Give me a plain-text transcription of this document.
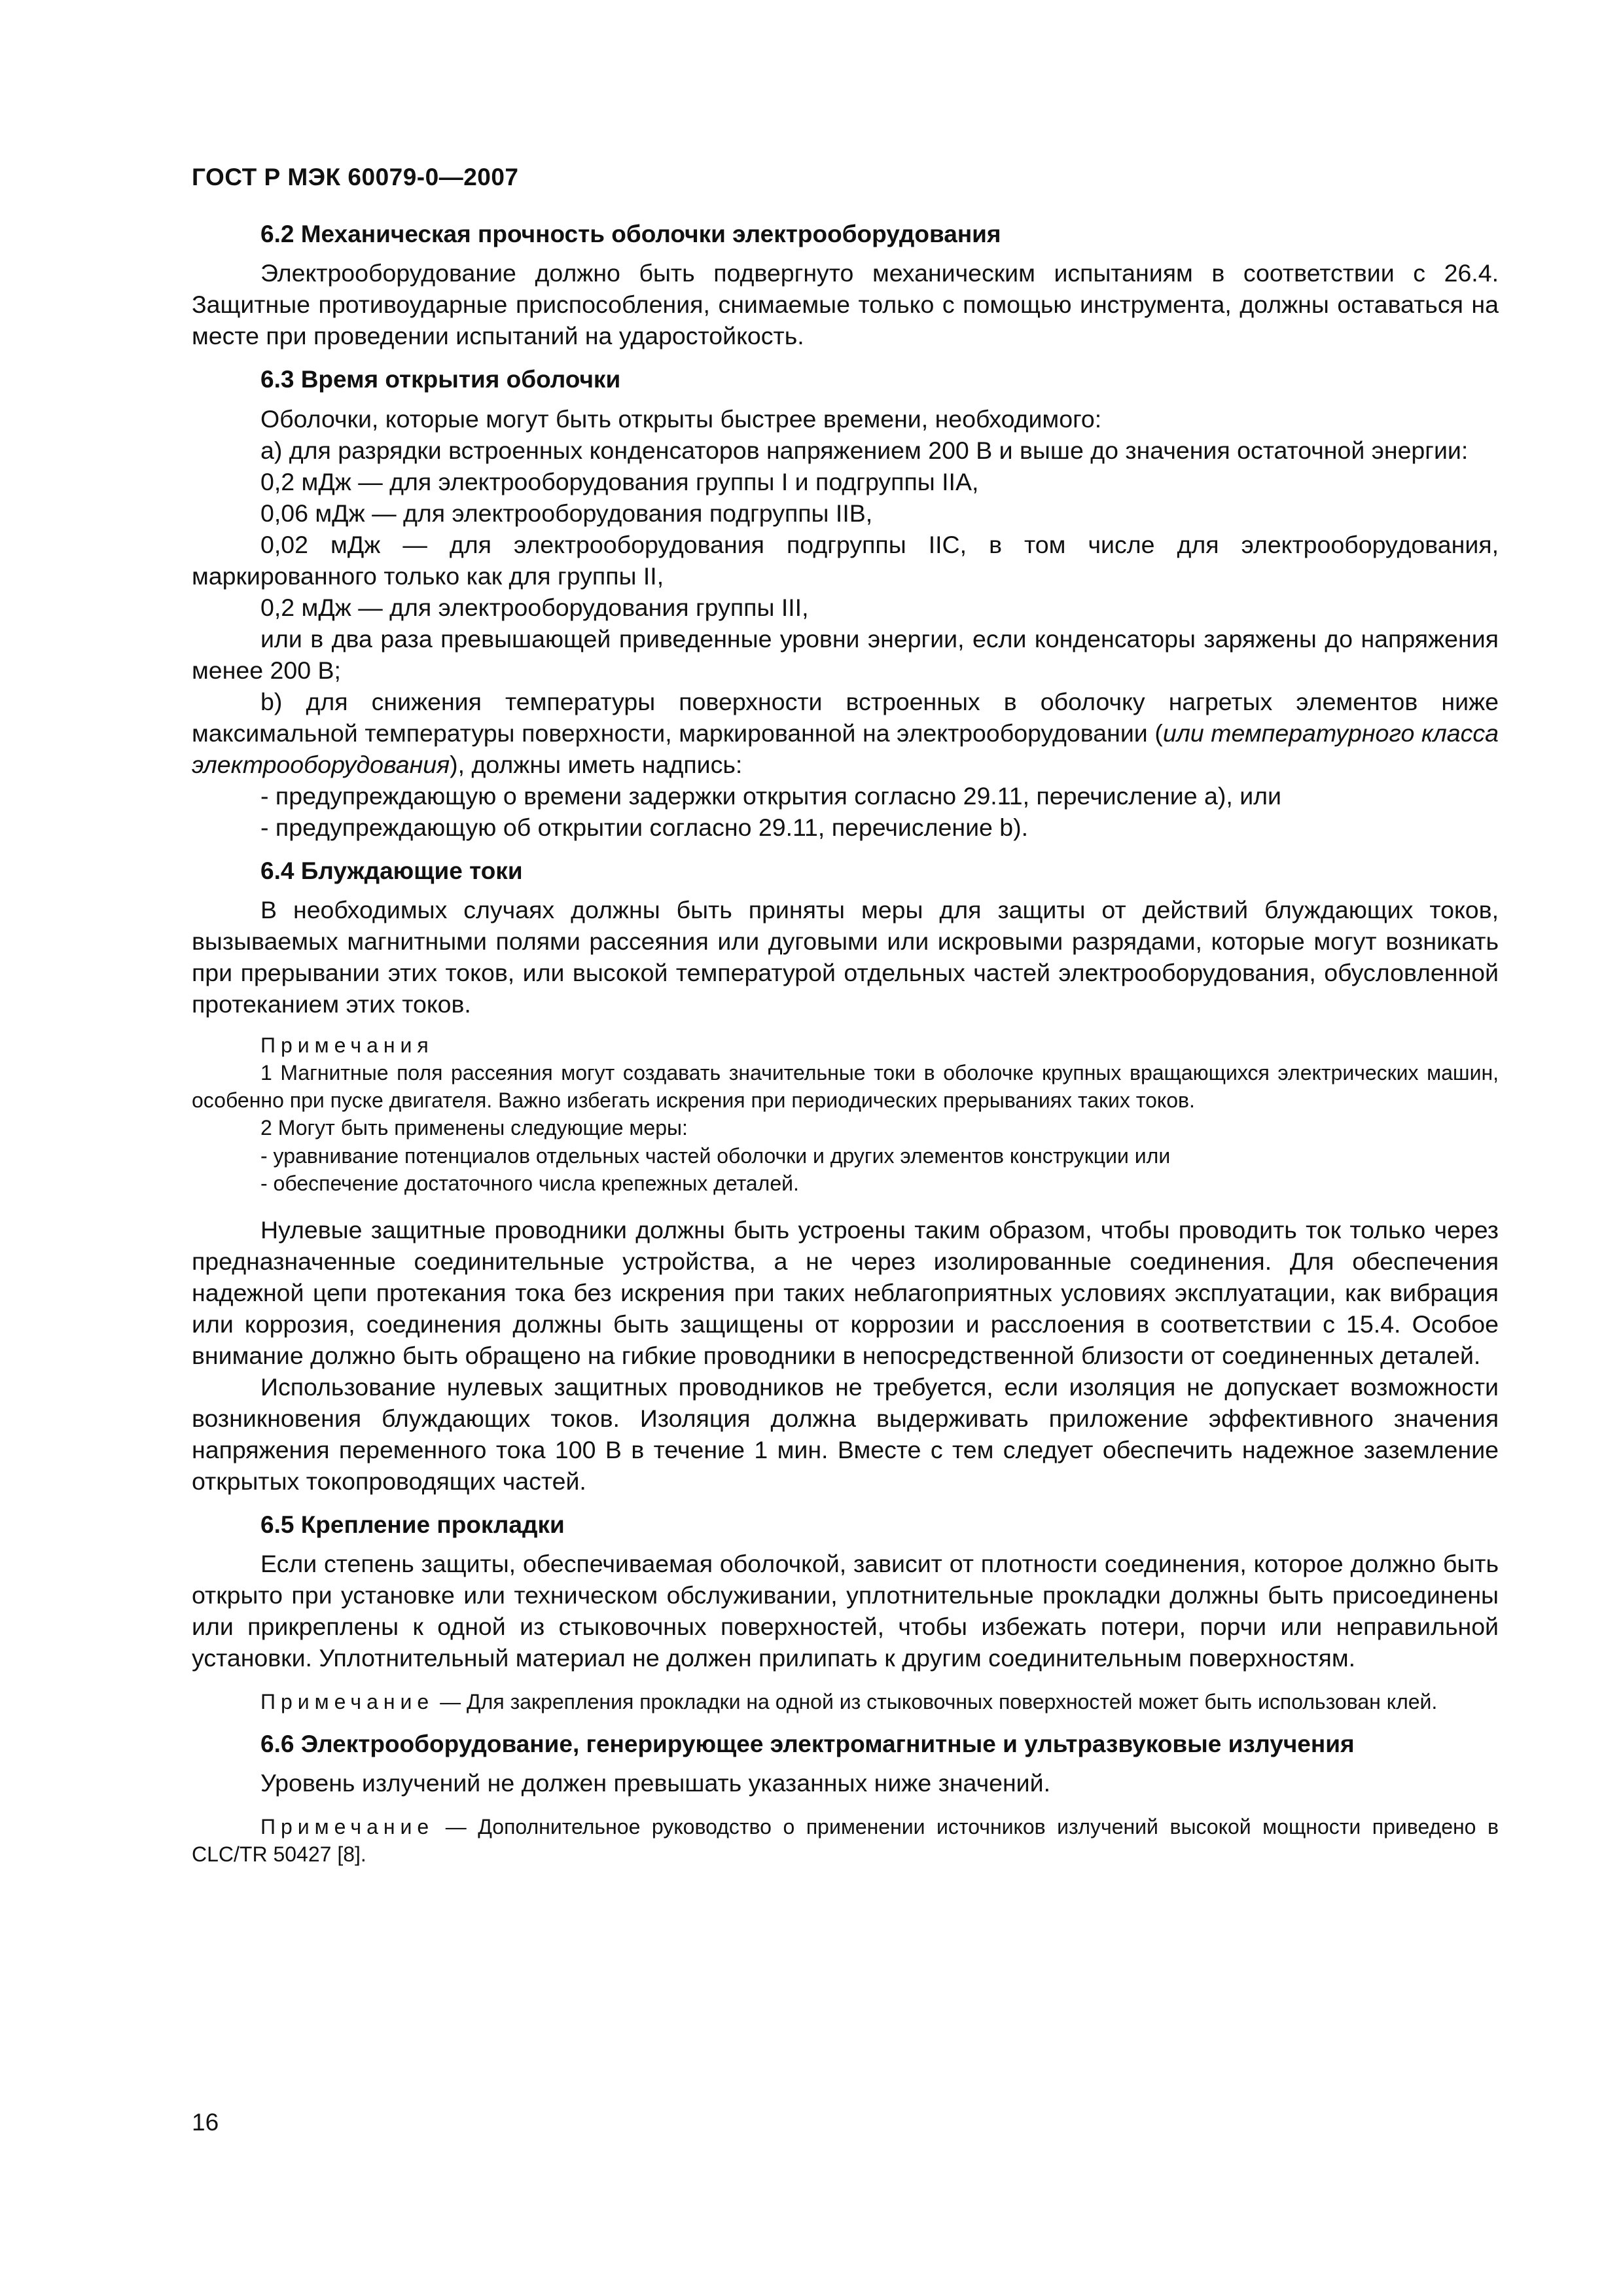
ГОСТ Р МЭК 60079-0—2007
6.2 Механическая прочность оболочки электрооборудования

Электрооборудование должно быть подвергнуто механическим испытаниям в соответствии с 26.4. Защитные противоударные приспособления, снимаемые только с помощью инструмента, должны оставаться на месте при проведении испытаний на ударостойкость.

6.3 Время открытия оболочки

Оболочки, которые могут быть открыты быстрее времени, необходимого:

a) для разрядки встроенных конденсаторов напряжением 200 В и выше до значения остаточной энергии:

0,2 мДж — для электрооборудования группы I и подгруппы IIA,

0,06 мДж — для электрооборудования подгруппы IIB,

0,02 мДж — для электрооборудования подгруппы IIC, в том числе для электрооборудования, маркированного только как для группы II,

0,2 мДж — для электрооборудования группы III,

или в два раза превышающей приведенные уровни энергии, если конденсаторы заряжены до напряжения менее 200 В;

b) для снижения температуры поверхности встроенных в оболочку нагретых элементов ниже максимальной температуры поверхности, маркированной на электрооборудовании (или температурного класса электрооборудования), должны иметь надпись:

- предупреждающую о времени задержки открытия согласно 29.11, перечисление а), или

- предупреждающую об открытии согласно 29.11, перечисление b).

6.4 Блуждающие токи

В необходимых случаях должны быть приняты меры для защиты от действий блуждающих токов, вызываемых магнитными полями рассеяния или дуговыми или искровыми разрядами, которые могут возникать при прерывании этих токов, или высокой температурой отдельных частей электрооборудования, обусловленной протеканием этих токов.

Примечания

1 Магнитные поля рассеяния могут создавать значительные токи в оболочке крупных вращающихся электрических машин, особенно при пуске двигателя. Важно избегать искрения при периодических прерываниях таких токов.

2 Могут быть применены следующие меры:

- уравнивание потенциалов отдельных частей оболочки и других элементов конструкции или

- обеспечение достаточного числа крепежных деталей.

Нулевые защитные проводники должны быть устроены таким образом, чтобы проводить ток только через предназначенные соединительные устройства, а не через изолированные соединения. Для обеспечения надежной цепи протекания тока без искрения при таких неблагоприятных условиях эксплуатации, как вибрация или коррозия, соединения должны быть защищены от коррозии и расслоения в соответствии с 15.4. Особое внимание должно быть обращено на гибкие проводники в непосредственной близости от соединенных деталей.

Использование нулевых защитных проводников не требуется, если изоляция не допускает возможности возникновения блуждающих токов. Изоляция должна выдерживать приложение эффективного значения напряжения переменного тока 100 В в течение 1 мин. Вместе с тем следует обеспечить надежное заземление открытых токопроводящих частей.

6.5 Крепление прокладки

Если степень защиты, обеспечиваемая оболочкой, зависит от плотности соединения, которое должно быть открыто при установке или техническом обслуживании, уплотнительные прокладки должны быть присоединены или прикреплены к одной из стыковочных поверхностей, чтобы избежать потери, порчи или неправильной установки. Уплотнительный материал не должен прилипать к другим соединительным поверхностям.

Примечание — Для закрепления прокладки на одной из стыковочных поверхностей может быть использован клей.

6.6 Электрооборудование, генерирующее электромагнитные и ультразвуковые излучения

Уровень излучений не должен превышать указанных ниже значений.

Примечание — Дополнительное руководство о применении источников излучений высокой мощности приведено в CLC/TR 50427 [8].

16
